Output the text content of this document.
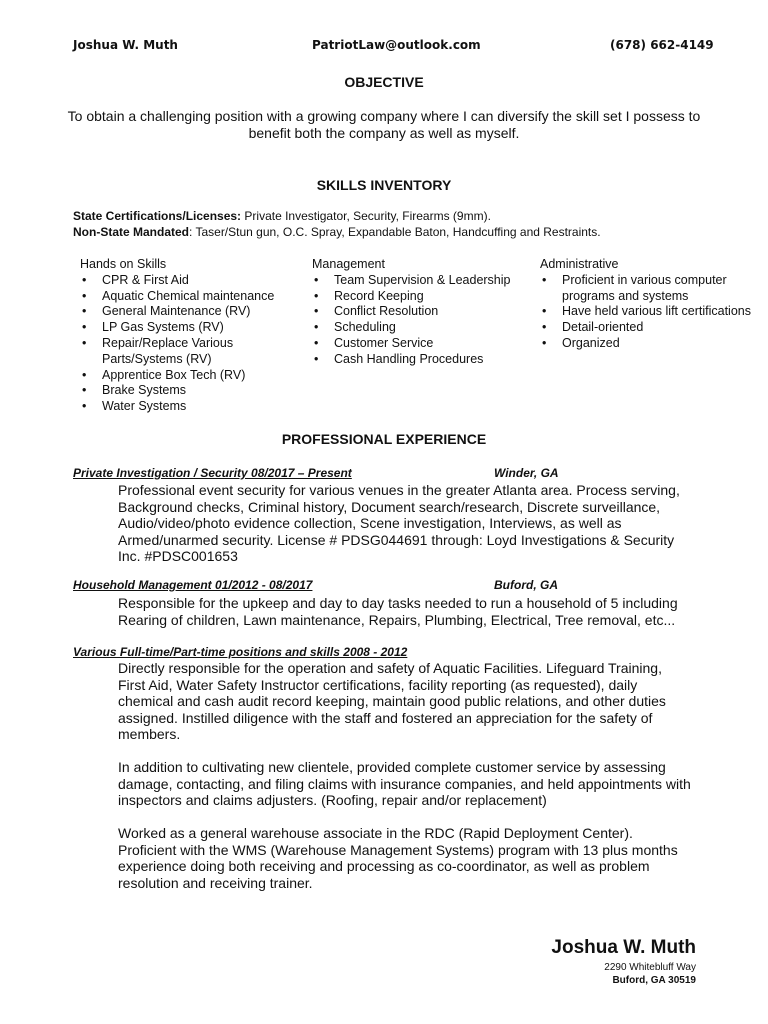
Joshua W. Muth	PatriotLaw@outlook.com	(678) 662-4149
OBJECTIVE
To obtain a challenging position with a growing company where I can diversify the skill set I possess to benefit both the company as well as myself.
SKILLS INVENTORY
State Certifications/Licenses: Private Investigator, Security, Firearms (9mm).
Non-State Mandated: Taser/Stun gun, O.C. Spray, Expandable Baton, Handcuffing and Restraints.
Hands on Skills
• CPR & First Aid
• Aquatic Chemical maintenance
• General Maintenance (RV)
• LP Gas Systems (RV)
• Repair/Replace Various Parts/Systems (RV)
• Apprentice Box Tech (RV)
• Brake Systems
• Water Systems
Management
• Team Supervision & Leadership
• Record Keeping
• Conflict Resolution
• Scheduling
• Customer Service
• Cash Handling Procedures
Administrative
• Proficient in various computer programs and systems
• Have held various lift certifications
• Detail-oriented
• Organized
PROFESSIONAL EXPERIENCE
Private Investigation / Security 08/2017 – Present	Winder, GA

Professional event security for various venues in the greater Atlanta area. Process serving, Background checks, Criminal history, Document search/research, Discrete surveillance, Audio/video/photo evidence collection, Scene investigation, Interviews, as well as Armed/unarmed security. License # PDSG044691 through: Loyd Investigations & Security Inc. #PDSC001653

Household Management 01/2012 - 08/2017	Buford, GA

Responsible for the upkeep and day to day tasks needed to run a household of 5 including Rearing of children, Lawn maintenance, Repairs, Plumbing, Electrical, Tree removal, etc...

Various Full-time/Part-time positions and skills 2008 - 2012

Directly responsible for the operation and safety of Aquatic Facilities. Lifeguard Training, First Aid, Water Safety Instructor certifications, facility reporting (as requested), daily chemical and cash audit record keeping, maintain good public relations, and other duties assigned. Instilled diligence with the staff and fostered an appreciation for the safety of members.

In addition to cultivating new clientele, provided complete customer service by assessing damage, contacting, and filing claims with insurance companies, and held appointments with inspectors and claims adjusters. (Roofing, repair and/or replacement)

Worked as a general warehouse associate in the RDC (Rapid Deployment Center). Proficient with the WMS (Warehouse Management Systems) program with 13 plus months experience doing both receiving and processing as co-coordinator, as well as problem resolution and receiving trainer.

Joshua W. Muth
2290 Whitebluff Way
Buford, GA 30519
